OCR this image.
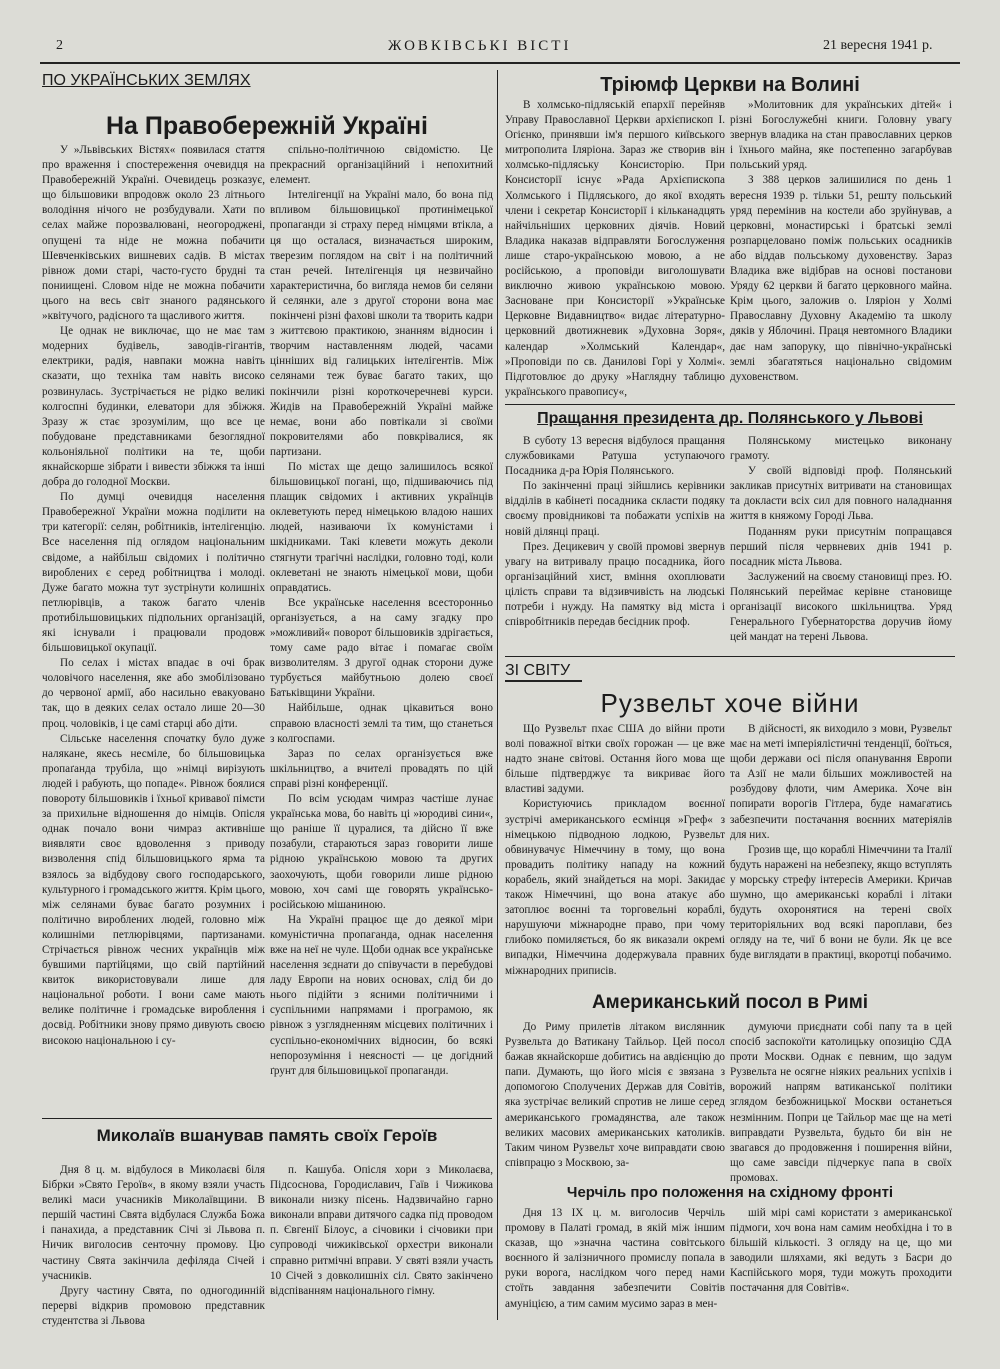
2	ЖОВКІВСЬКІ ВІСТІ	21 вересня 1941 р.
ПО УКРАЇНСЬКИХ ЗЕМЛЯХ
На Правобережній Україні

У »Львівських Вістях« появилася стаття про враження і спостереження очевидця на Правобережній Україні. Очевидець розказує, що більшовики впродовж около 23 літнього володіння нічого не розбудували. Хати по селах майже порозвалювані, неогороджені, опущені та ніде не можна побачити Шевченківських вишневих садів. В містах рівнож доми старі, часто-густо брудні та пониищені. Словом ніде не можна побачити цього на весь світ знаного радянського »квітучого, радісного та щасливого життя.

Це однак не виключає, що не має там модерних будівель, заводів-гігантів, електрики, радія, навпаки можна навіть сказати, що техніка там навіть високо розвинулась. Зустрічається не рідко великі колгоспні будинки, елеватори для збіжжя. Зразу ж стає зрозумілим, що все це побудоване представниками безоглядної кольоніяльної політики на те, щоби якнайскорше зібрати і вивести збіжжя та інші добра до голодної Москви.

По думці очевидця населення Правобережної України можна поділити на три категорії: селян, робітників, інтелігенцію. Все населення під оглядом національним свідоме, а найбільш свідомих і політично вироблених є серед робітництва і молоді. Дуже багато можна тут зустрінути колишніх петлюрівців, а також багато членів протибільшовицьких підпольних організацій, які існували і працювали продовж більшовицької окупації.

По селах і містах впадає в очі брак чоловічого населення, яке або змобілізовано до червоної армії, або насильно евакуовано так, що в деяких селах остало лише 20—30 проц. чоловіків, і це самі старці або діти.

Сільське населення спочатку було дуже налякане, якесь несміле, бо більшовицька пропаґанда трубіла, що »німці вирізують людей і рабують, що попаде«. Рівнож боялися повороту більшовиків і їхньої кривавої пімсти за прихильне відношення до німців. Опісля однак почало вони чимраз активніше виявляти своє вдоволення з приводу визволення спід більшовицького ярма та взялось за відбудову свого господарського, культурного і громадського життя. Крім цього, між селянами буває багато розумних і політично вироблених людей, головно між колишніми петлюрівцями, партизанами. Стрічається рівнож чесних українців між бувшими партійцями, що свій партійний квиток використовували лише для національної роботи. І вони саме мають велике політичне і громадське вироблення і досвід. Робітники знову прямо дивують своєю високою національною і су-

спільно-політичною свідомістю. Це прекрасний організаційний і непохитний елемент.

Інтелігенції на Україні мало, бо вона під впливом більшовицької протинімецької пропаганди зі страху перед німцями втікла, а ця що осталася, визначається широким, тверезим поглядом на світ і на політичний стан речей. Інтелігенція ця незвичайно характеристична, бо вигляда немов би селяни й селянки, але з другої сторони вона має покінчені різні фахові школи та творить кадри з життєвою практикою, знанням відносин і творчим наставленням людей, часами цінніших від галицьких інтелігентів. Між селянами теж буває багато таких, що покінчили різні короткочеречневі курси. Жидів на Правобережній Україні майже немає, вони або повтікали зі своїми покровителями або повкрівалися, як партизани.

По містах ще дещо залишилось всякої більшовицької погані, що, підшиваючись під плащик свідомих і активних українців оклеветують перед німецькою владою наших людей, називаючи їх комуністами і шкідниками. Такі клевети можуть деколи стягнути трагічні наслідки, головно тоді, коли оклеветані не знають німецької мови, щоби оправдатись.

Все українське населення всесторонньо організується, а на саму згадку про »можливий« поворот більшовиків здрігається, тому саме радо вітає і помагає своїм визволителям. З другої однак сторони дуже турбується майбутньою долею своєї Батьківщини України.

Найбільше, однак цікавиться воно справою власності землі та тим, що станеться з колгоспами.

Зараз по селах організується вже шкільництво, а вчителі провадять по цій справі різні конференції.

По всім усюдам чимраз частіше лунає українська мова, бо навіть ці »юродиві сини«, що раніше її цуралися, та дійсно її вже позабули, стараються зараз говорити лише рідною українською мовою та других заохочують, щоби говорили лише рідною мовою, хоч самі ще говорять українсько-російською мішаниною.

На Україні працює ще до деякої міри комуністична пропаганда, однак населення вже на неї не чуле. Щоби однак все українське населення зєднати до співучасти в перебудові ладу Европи на нових основах, слід би до нього підійти з ясними політичними і суспільними напрямами і програмою, як рівнож з узглядненням місцевих політичних і суспільно-економічних відносин, бо всякі непорозуміння і неясності — це догідний ґрунт для більшовицької пропаганди.

Миколаїв вшанував память своїх Героїв

Дня 8 ц. м. відбулося в Миколаєві біля Бібрки »Свято Героїв«, в якому взяли участь великі маси учасників Миколаївщини. В першій частині Свята відбулася Служба Божа і панахида, а представник Січі зі Львова п. Ничик виголосив сенточну промову. Цю частину Свята закінчила дефіляда Січей і учасників.

Другу частину Свята, по одногодинній перерві відкрив промовою представник студентства зі Львова

п. Кашуба. Опісля хори з Миколаєва, Підсоснова, Городиславич, Гаїв і Чижикова виконали низку пісень. Надзвичайно гарно виконали вправи дитячого садка під проводом п. Євгенії Білоус, а січовики і січовики при супроводі чижиківської орхестри виконали справно ритмічні вправи. У святі взяли участь 10 Січей з довколишніх сіл. Свято закінчено відспіванням національного гімну.

Тріюмф Церкви на Волині

В холмсько-підляській епархії перейняв Управу Православної Церкви архієпископ І. Огієнко, принявши ім'я першого київського митрополита Іляріона. Зараз же створив він холмсько-підляську Консисторію. При Консисторії існує »Рада Архієпископа Холмського і Підляського, до якої входять члени і секретар Консисторії і кільканадцять найчільніших церковних діячів. Новий Владика наказав відправляти Богослуження лише старо-українською мовою, а не російською, а проповіди виголошувати виключно живою українською мовою. Засноване при Консисторії »Українське Церковне Видавництво« видає літературно-церковний двотижневик »Духовна Зоря«, календар »Холмський Календар«, »Проповіди по св. Данилові Горі у Холмі«. Підготовлює до друку »Наглядну таблицю українського правопису«,

»Молитовник для українських дітей« і різні Богослужебні книги. Головну увагу звернув владика на стан православних церков і їхнього майна, яке постепенно загарбував польський уряд.

З 388 церков залишилися по день 1 вересня 1939 р. тільки 51, решту польський уряд перемінив на костели або зруйнував, а церковні, монастирські і братські землі розпарцеловано поміж польських осадників або віддав польському духовенству. Зараз Владика вже відібрав на основі постанови Уряду 62 церкви й багато церковного майна. Крім цього, заложив о. Іляріон у Холмі Православну Духовну Академію та школу дяків у Яблочині. Праця невтомного Владики дає нам запоруку, що північно-українські землі збагатяться національно свідомим духовенством.

Пращання президента др. Полянського у Львові

В суботу 13 вересня відбулося пращання службовиками Ратуша уступаючого Посадника д-ра Юрія Полянського.

По закінченні праці зійшлись керівники відділів в кабінеті посадника скласти подяку своєму провідникові та побажати успіхів на новій ділянці праці.

През. Децикевич у своїй промові звернув увагу на витривалу працю посадника, його організаційний хист, вміння охоплювати цілість справи та відзивчивість на людські потреби і нужду. На памятку від міста і співробітників передав бесідник проф.

Полянському мистецько виконану грамоту.

У своїй відповіді проф. Полянський закликав присутніх витривати на становищах та докласти всіх сил для повного наладнання життя в княжому Городі Льва.

Поданням руки присутнім попращався перший після червневих днів 1941 р. посадник міста Львова.

Заслужений на своєму становищі през. Ю. Полянський переймає керівне становище організації високого шкільництва. Уряд Генерального Губернаторства доручив йому цей мандат на терені Львова.

ЗІ СВІТУ
Рузвельт хоче війни

Що Рузвельт пхає США до війни проти волі поважної вітки своїх горожан — це вже надто знане світові. Остання його мова ще більше підтверджує та викриває його властиві задуми.

Користуючись прикладом воєнної зустрічі американського есмінця »Греф« з німецькою підводною лодкою, Рузвельт обвинувачує Німеччину в тому, що вона провадить політику нападу на кожний корабель, який знайдеться на морі. Закидає також Німеччині, що вона атакує або затоплює воєнні та торговельні кораблі, нарушуючи міжнародне право, при чому глибоко помиляється, бо як виказали окремі випадки, Німеччина додержувала правних міжнародних приписів.

В дійсності, як виходило з мови, Рузвельт має на меті імперіялістичні тенденції, боїться, щоби держави осі після опанування Европи та Азії не мали більших можливостей на розбудову флоти, чим Америка. Хоче він попирати ворогів Гітлера, буде намагатись забезпечити постачання воєнних матеріялів для них.

Грозив ще, що кораблі Німеччини та Італії будуть наражені на небезпеку, якщо вступлять у морську стрефу інтересів Америки. Кричав шумно, що американські кораблі і літаки будуть охоронятися на терені своїх територіяльних вод всякі пароплави, без огляду на те, чиї б вони не були. Як це все буде виглядати в практиці, вкоротці побачимо.

Американський посол в Римі

До Риму прилетів літаком вислянник Рузвельта до Ватикану Тайльор. Цей посол бажав якнайскорше добитись на авдієнцію до папи. Думають, що його місія є звязана з допомогою Сполучених Держав для Совітів, яка зустрічає великий спротив не лише серед американського громадянства, але також великих масових американських католиків. Таким чином Рузвельт хоче виправдати свою співпрацю з Москвою, за-

думуючи приєднати собі папу та в цей спосіб заспокоїти католицьку опозицію СДА проти Москви. Однак є певним, що задум Рузвельта не осягне ніяких реальних успіхів і ворожий напрям ватиканської політики зглядом безбожницької Москви останеться незмінним. Попри це Тайльор має ще на меті виправдати Рузвельта, будьто би він не звагався до продовження і поширення війни, що саме завсіди підчеркує папа в своїх промовах.

Черчіль про положення на східному фронті

Дня 13 IX ц. м. виголосив Черчіль промову в Палаті громад, в якій між іншим сказав, що »значна частина совітського воєнного й залізничного промислу попала в руки ворога, наслідком чого перед нами стоїть завдання забезпечити Совітів амуніцією, а тим самим мусимо зараз в мен-

шій мірі самі користати з американської підмоги, хоч вона нам самим необхідна і то в більшій кількості. З огляду на це, що ми заводили шляхами, які ведуть з Басри до Каспійського моря, туди можуть проходити постачання для Совітів«.
